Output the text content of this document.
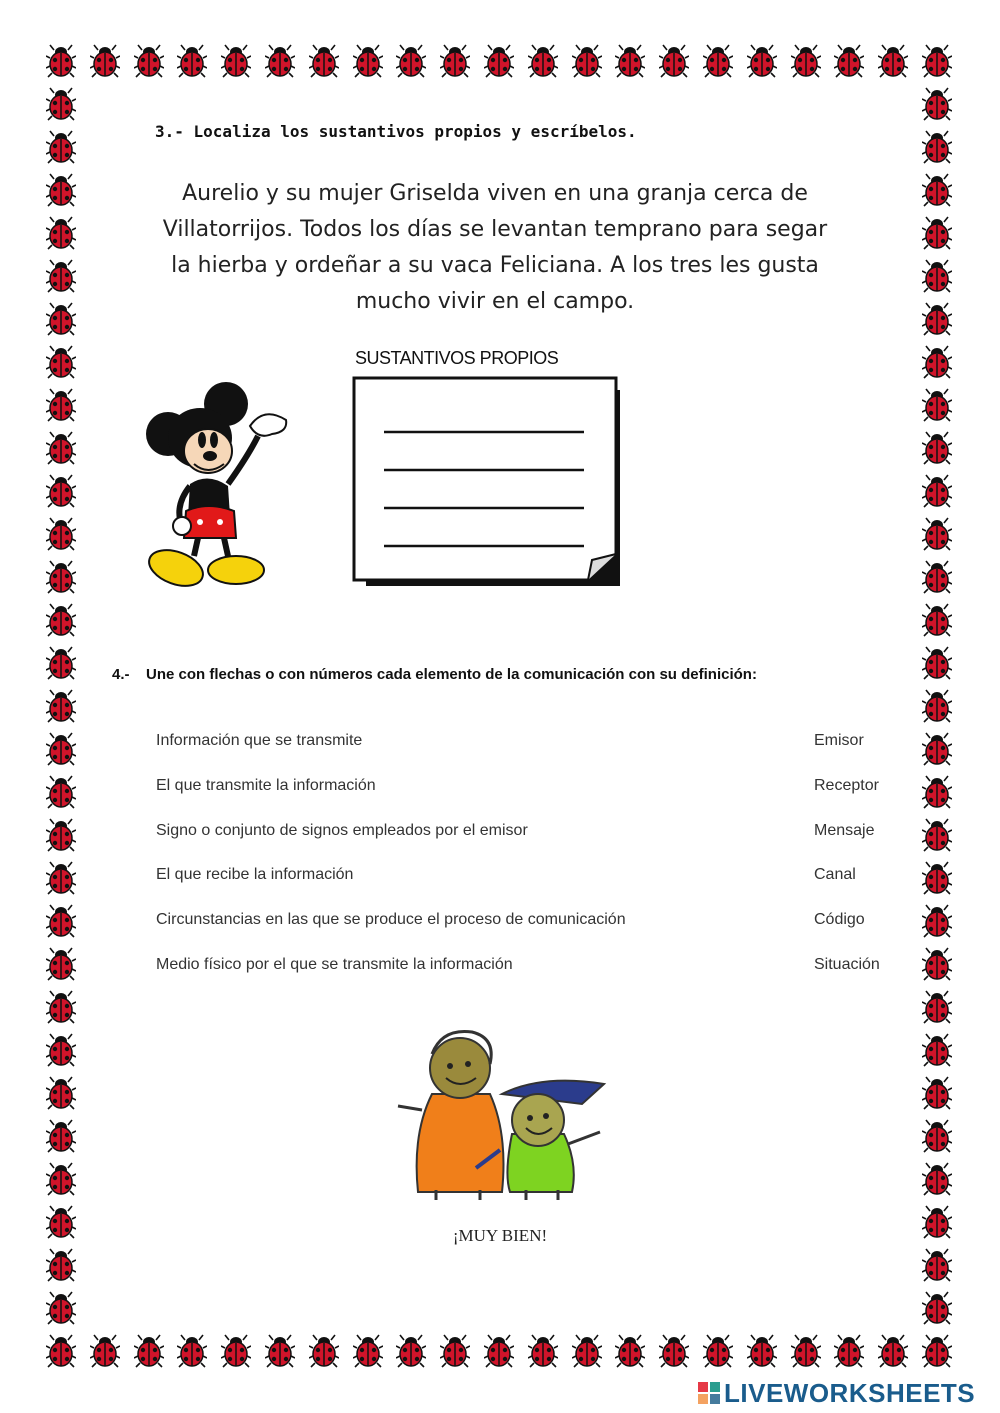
3.- Localiza los sustantivos propios y escríbelos.
Aurelio y su mujer Griselda viven en una granja cerca de
Villatorrijos. Todos los días se levantan temprano para segar
la hierba y ordeñar a su vaca Feliciana. A los tres les gusta
mucho vivir en el campo.
SUSTANTIVOS PROPIOS
4.- Une con flechas o con números cada elemento de la comunicación con su definición:
Información que se transmite	Emisor
El que transmite la información	Receptor
Signo o conjunto de signos empleados por el emisor	Mensaje
El que recibe la información	Canal
Circunstancias en las que se produce el proceso de comunicación	Código
Medio físico por el que se transmite la información	Situación
¡MUY BIEN!
LIVEWORKSHEETS
